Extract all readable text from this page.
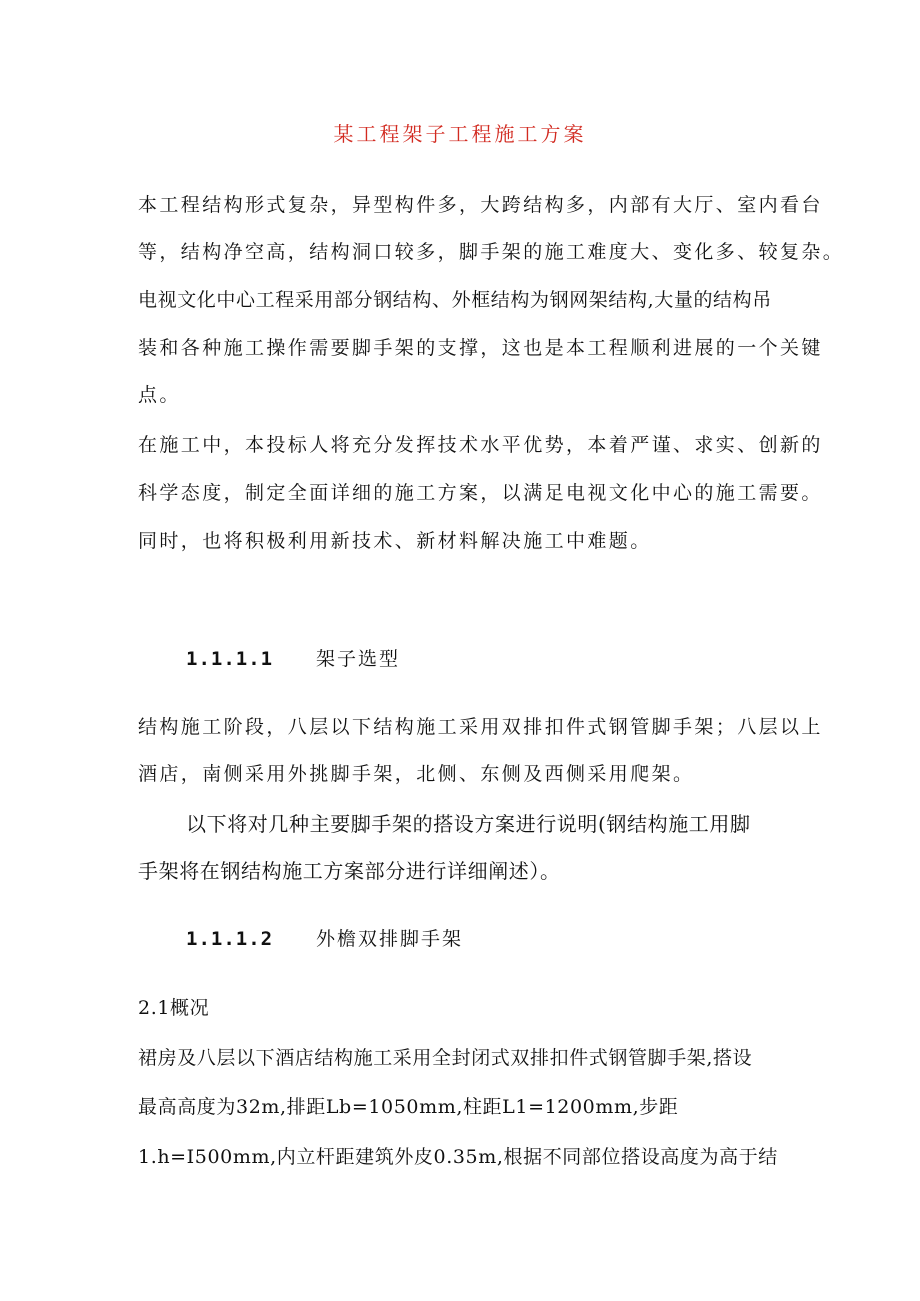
某工程架子工程施工方案
本工程结构形式复杂，异型构件多，大跨结构多，内部有大厅、室内看台
等，结构净空高，结构洞口较多，脚手架的施工难度大、变化多、较复杂。
电视文化中心工程采用部分钢结构、外框结构为钢网架结构,大量的结构吊
装和各种施工操作需要脚手架的支撑，这也是本工程顺利进展的一个关键
点。
在施工中，本投标人将充分发挥技术水平优势，本着严谨、求实、创新的
科学态度，制定全面详细的施工方案，以满足电视文化中心的施工需要。
同时，也将积极利用新技术、新材料解决施工中难题。
1.1.1.1 架子选型
结构施工阶段，八层以下结构施工采用双排扣件式钢管脚手架；八层以上
酒店，南侧采用外挑脚手架，北侧、东侧及西侧采用爬架。
以下将对几种主要脚手架的搭设方案进行说明(钢结构施工用脚
手架将在钢结构施工方案部分进行详细阐述）。
1.1.1.2 外檐双排脚手架
2.1概况
裙房及八层以下酒店结构施工采用全封闭式双排扣件式钢管脚手架,搭设
最高高度为32m,排距Lb=1050mm,柱距L1=1200mm,步距
1.h=I500mm,内立杆距建筑外皮0.35m,根据不同部位搭设高度为高于结
